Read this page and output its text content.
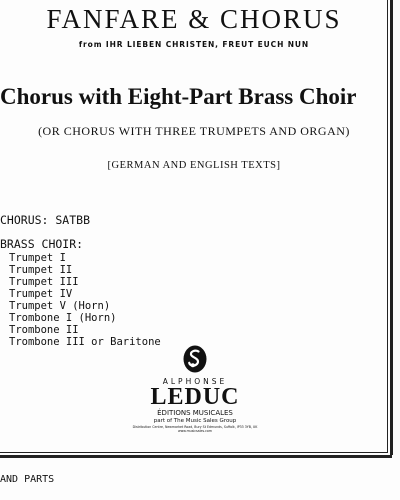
FANFARE & CHORUS
from IHR LIEBEN CHRISTEN, FREUT EUCH NUN
Chorus with Eight-Part Brass Choir
(OR CHORUS WITH THREE TRUMPETS AND ORGAN)
[GERMAN AND ENGLISH TEXTS]
CHORUS: SATBB
BRASS CHOIR:
Trumpet I
Trumpet II
Trumpet III
Trumpet IV
Trumpet V (Horn)
Trombone I (Horn)
Trombone II
Trombone III or Baritone
ALPHONSE
LEDUC
ÉDITIONS MUSICALES
part of The Music Sales Group
Distribution Centre, Newmarket Road, Bury St Edmunds, Suffolk, IP33 3YB, UK
www.musicsales.com
AND PARTS
